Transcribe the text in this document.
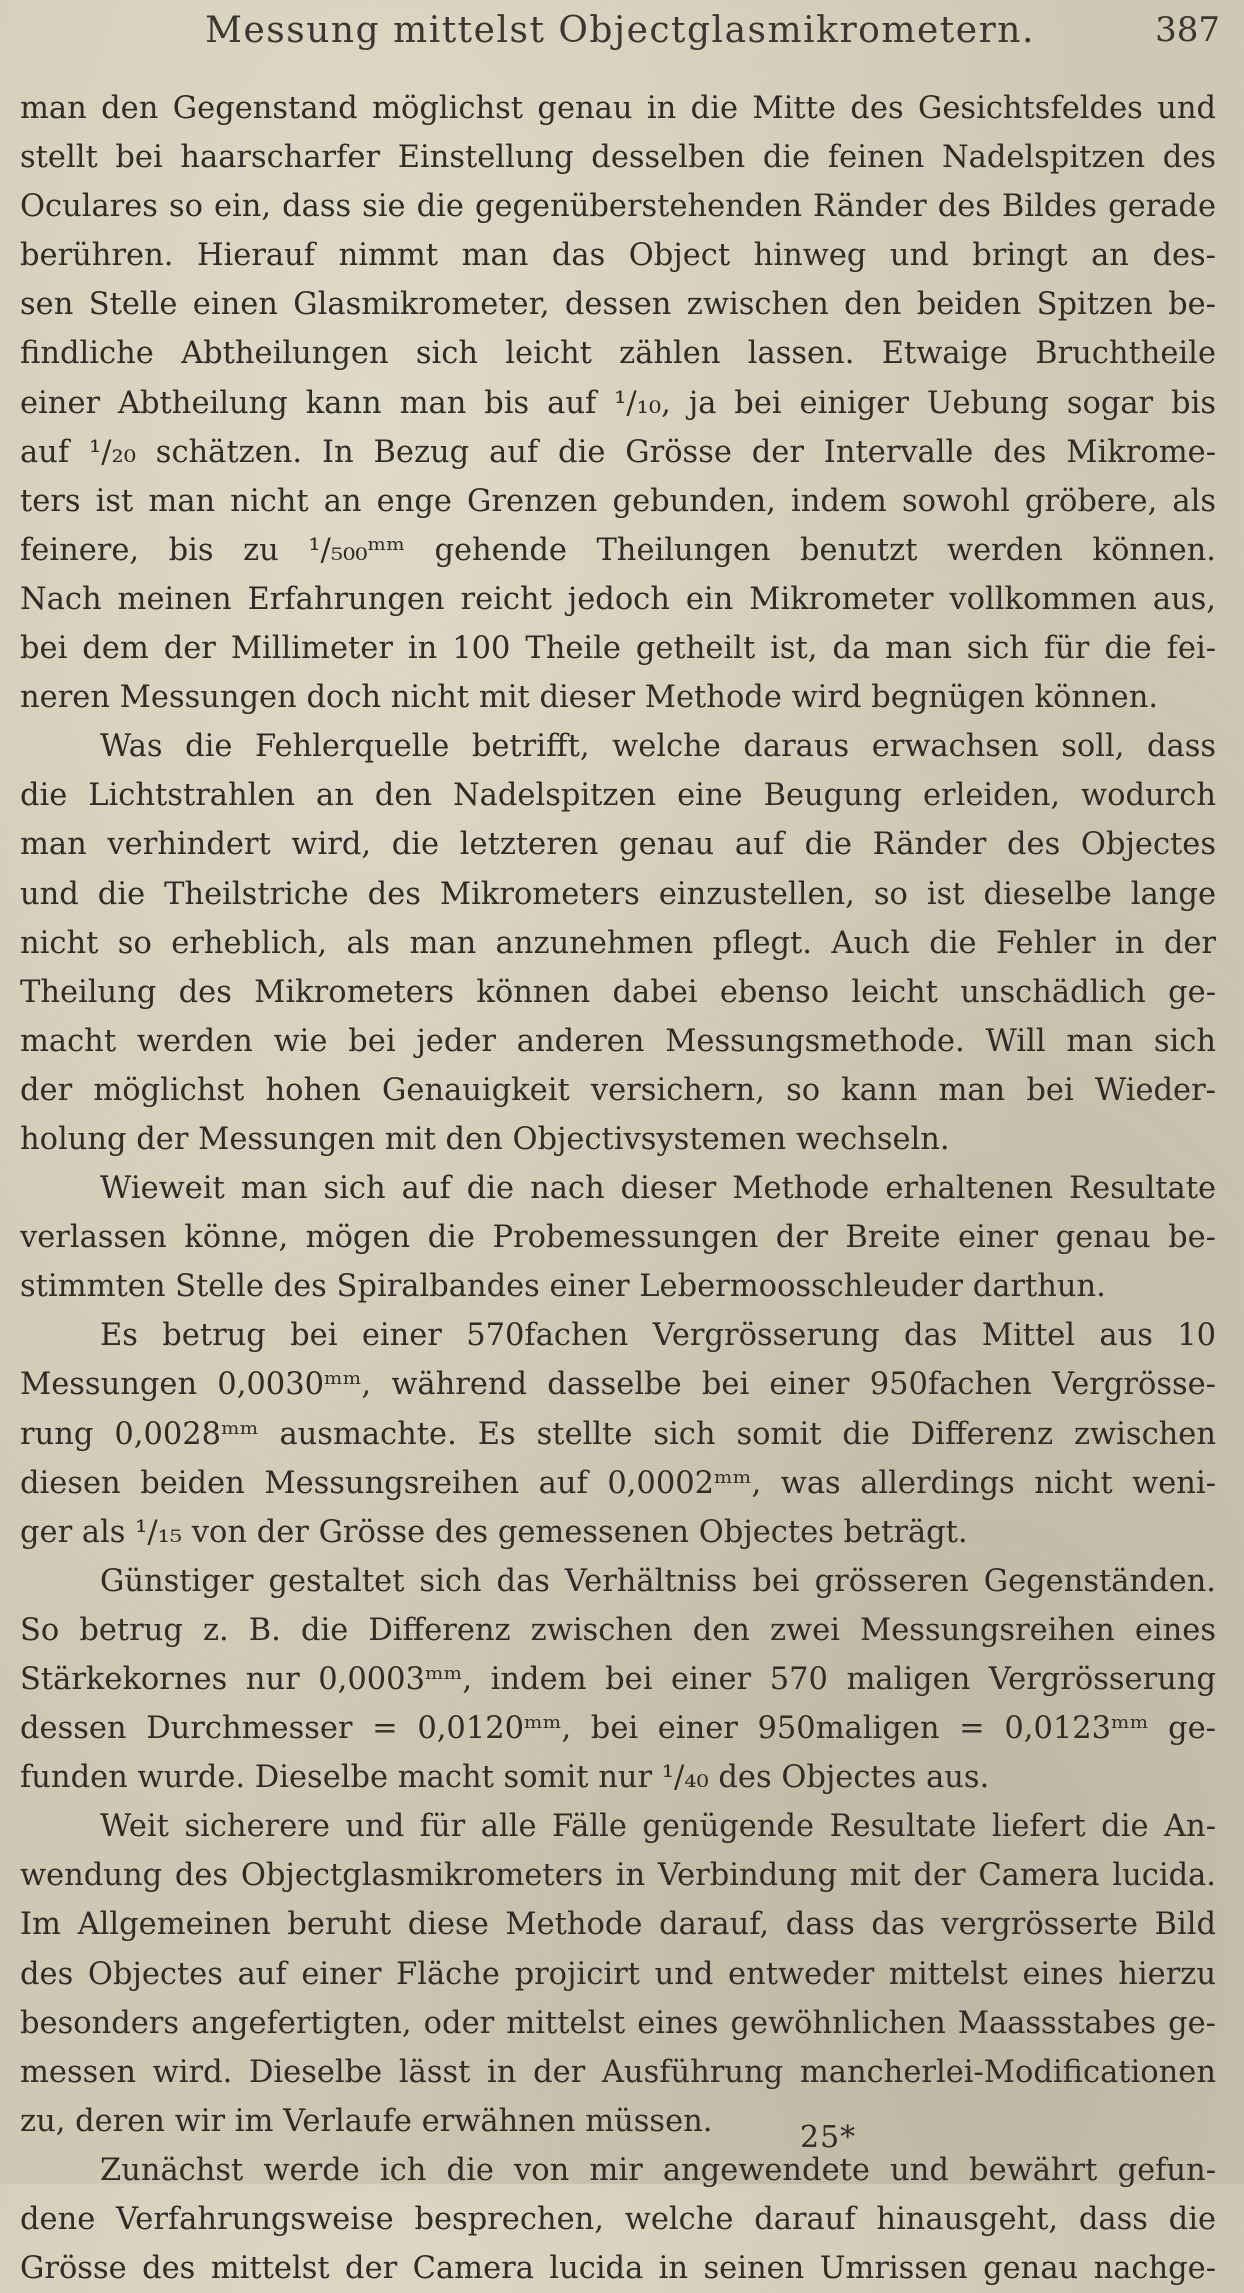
Messung mittelst Objectglasmikrometern.	387
man den Gegenstand möglichst genau in die Mitte des Gesichtsfeldes und
stellt bei haarscharfer Einstellung desselben die feinen Nadelspitzen des
Oculares so ein, dass sie die gegenüberstehenden Ränder des Bildes gerade
berühren. Hierauf nimmt man das Object hinweg und bringt an des-
sen Stelle einen Glasmikrometer, dessen zwischen den beiden Spitzen be-
findliche Abtheilungen sich leicht zählen lassen. Etwaige Bruchtheile
einer Abtheilung kann man bis auf ¹/₁₀, ja bei einiger Uebung sogar bis
auf ¹/₂₀ schätzen. In Bezug auf die Grösse der Intervalle des Mikrome-
ters ist man nicht an enge Grenzen gebunden, indem sowohl gröbere, als
feinere, bis zu ¹/₅₀₀ᵐᵐ gehende Theilungen benutzt werden können.
Nach meinen Erfahrungen reicht jedoch ein Mikrometer vollkommen aus,
bei dem der Millimeter in 100 Theile getheilt ist, da man sich für die fei-
neren Messungen doch nicht mit dieser Methode wird begnügen können.
Was die Fehlerquelle betrifft, welche daraus erwachsen soll, dass
die Lichtstrahlen an den Nadelspitzen eine Beugung erleiden, wodurch
man verhindert wird, die letzteren genau auf die Ränder des Objectes
und die Theilstriche des Mikrometers einzustellen, so ist dieselbe lange
nicht so erheblich, als man anzunehmen pflegt. Auch die Fehler in der
Theilung des Mikrometers können dabei ebenso leicht unschädlich ge-
macht werden wie bei jeder anderen Messungsmethode. Will man sich
der möglichst hohen Genauigkeit versichern, so kann man bei Wieder-
holung der Messungen mit den Objectivsystemen wechseln.
Wieweit man sich auf die nach dieser Methode erhaltenen Resultate
verlassen könne, mögen die Probemessungen der Breite einer genau be-
stimmten Stelle des Spiralbandes einer Lebermoosschleuder darthun.
Es betrug bei einer 570fachen Vergrösserung das Mittel aus 10
Messungen 0,0030ᵐᵐ, während dasselbe bei einer 950fachen Vergrösse-
rung 0,0028ᵐᵐ ausmachte. Es stellte sich somit die Differenz zwischen
diesen beiden Messungsreihen auf 0,0002ᵐᵐ, was allerdings nicht weni-
ger als ¹/₁₅ von der Grösse des gemessenen Objectes beträgt.
Günstiger gestaltet sich das Verhältniss bei grösseren Gegenständen.
So betrug z. B. die Differenz zwischen den zwei Messungsreihen eines
Stärkekornes nur 0,0003ᵐᵐ, indem bei einer 570 maligen Vergrösserung
dessen Durchmesser = 0,0120ᵐᵐ, bei einer 950maligen = 0,0123ᵐᵐ ge-
funden wurde. Dieselbe macht somit nur ¹/₄₀ des Objectes aus.
Weit sicherere und für alle Fälle genügende Resultate liefert die An-
wendung des Objectglasmikrometers in Verbindung mit der Camera lucida.
Im Allgemeinen beruht diese Methode darauf, dass das vergrösserte Bild
des Objectes auf einer Fläche projicirt und entweder mittelst eines hierzu
besonders angefertigten, oder mittelst eines gewöhnlichen Maassstabes ge-
messen wird. Dieselbe lässt in der Ausführung mancherlei-Modificationen
zu, deren wir im Verlaufe erwähnen müssen.
Zunächst werde ich die von mir angewendete und bewährt gefun-
dene Verfahrungsweise besprechen, welche darauf hinausgeht, dass die
Grösse des mittelst der Camera lucida in seinen Umrissen genau nachge-
25*
